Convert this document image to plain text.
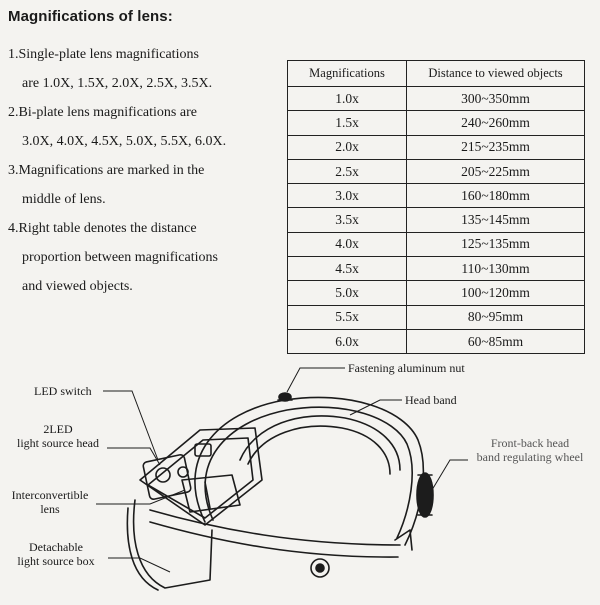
Magnifications of lens:

1.Single-plate lens magnifications
are 1.0X, 1.5X, 2.0X, 2.5X, 3.5X.

2.Bi-plate lens magnifications are
3.0X, 4.0X, 4.5X, 5.0X, 5.5X, 6.0X.

3.Magnifications are marked in the
middle of lens.

4.Right table denotes the distance
proportion between magnifications
and viewed objects.

Magnifications	Distance to viewed objects
1.0x	300~350mm
1.5x	240~260mm
2.0x	215~235mm
2.5x	205~225mm
3.0x	160~180mm
3.5x	135~145mm
4.0x	125~135mm
4.5x	110~130mm
5.0x	100~120mm
5.5x	80~95mm
6.0x	60~85mm
LED switch
2LED
light source head
Interconvertible
lens
Detachable
light source box
Fastening aluminum nut
Head band
Front-back head
band regulating wheel
